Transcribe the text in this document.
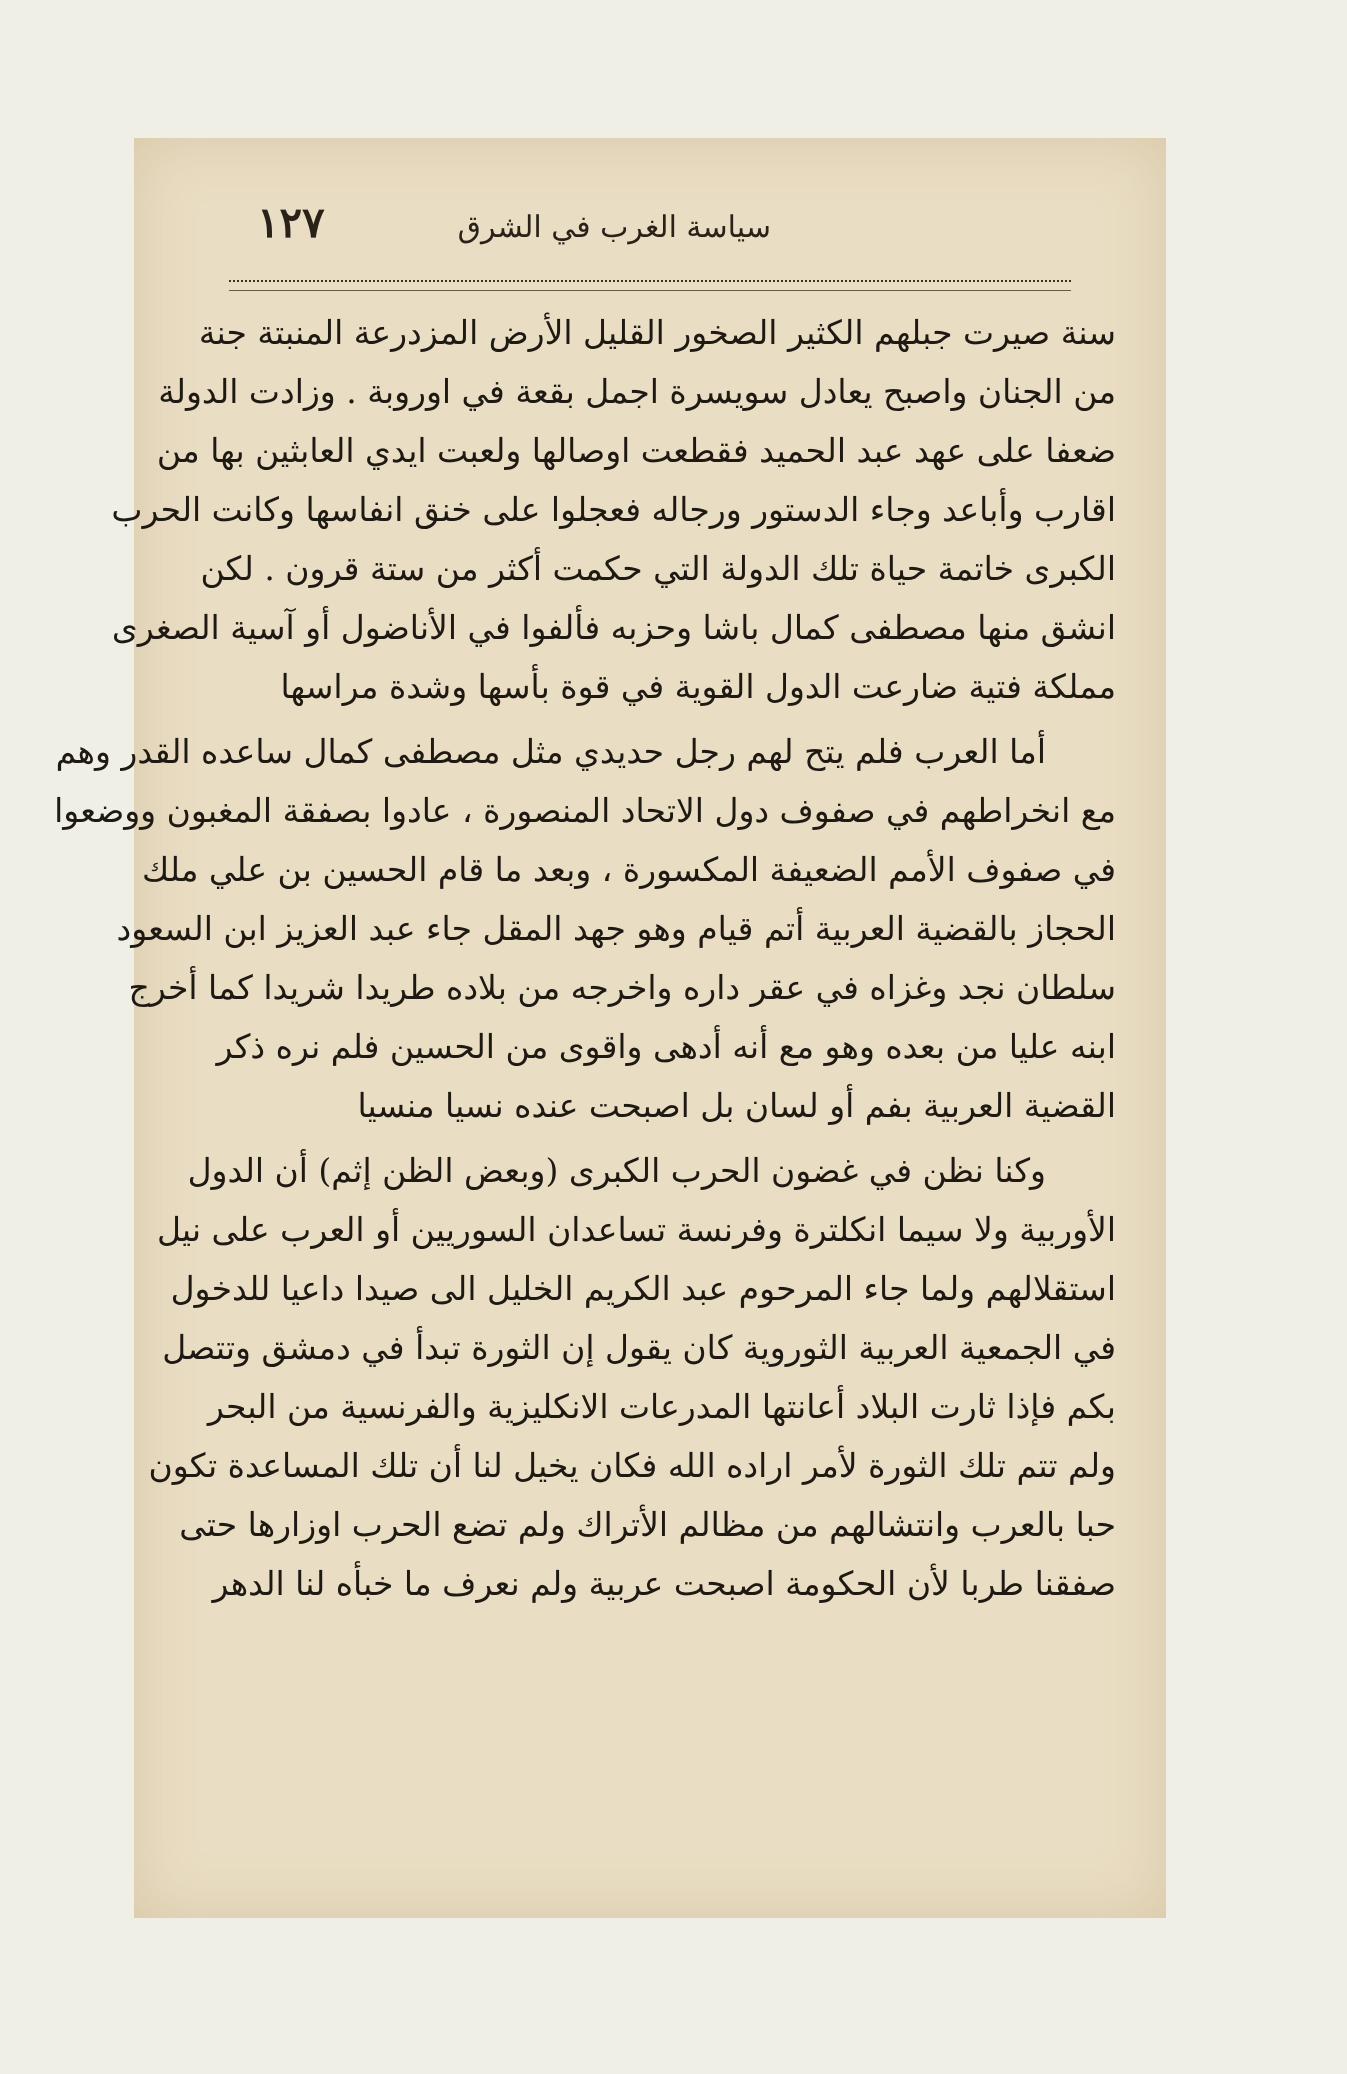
سياسة الغرب في الشرق
١٢٧
سنة صيرت جبلهم الكثير الصخور القليل الأرض المزدرعة المنبتة جنة
من الجنان واصبح يعادل سويسرة اجمل بقعة في اوروبة . وزادت الدولة
ضعفا على عهد عبد الحميد فقطعت اوصالها ولعبت ايدي العابثين بها من
اقارب وأباعد وجاء الدستور ورجاله فعجلوا على خنق انفاسها وكانت الحرب
الكبرى خاتمة حياة تلك الدولة التي حكمت أكثر من ستة قرون . لكن
انشق منها مصطفى كمال باشا وحزبه فألفوا في الأناضول أو آسية الصغرى
مملكة فتية ضارعت الدول القوية في قوة بأسها وشدة مراسها
أما العرب فلم يتح لهم رجل حديدي مثل مصطفى كمال ساعده القدر وهم
مع انخراطهم في صفوف دول الاتحاد المنصورة ، عادوا بصفقة المغبون ووضعوا
في صفوف الأمم الضعيفة المكسورة ، وبعد ما قام الحسين بن علي ملك
الحجاز بالقضية العربية أتم قيام وهو جهد المقل جاء عبد العزيز ابن السعود
سلطان نجد وغزاه في عقر داره واخرجه من بلاده طريدا شريدا كما أخرج
ابنه عليا من بعده وهو مع أنه أدهى واقوى من الحسين فلم نره ذكر
القضية العربية بفم أو لسان بل اصبحت عنده نسيا منسيا
وكنا نظن في غضون الحرب الكبرى (وبعض الظن إثم) أن الدول
الأوربية ولا سيما انكلترة وفرنسة تساعدان السوريين أو العرب على نيل
استقلالهم ولما جاء المرحوم عبد الكريم الخليل الى صيدا داعيا للدخول
في الجمعية العربية الثوروية كان يقول إن الثورة تبدأ في دمشق وتتصل
بكم فإذا ثارت البلاد أعانتها المدرعات الانكليزية والفرنسية من البحر
ولم تتم تلك الثورة لأمر اراده الله فكان يخيل لنا أن تلك المساعدة تكون
حبا بالعرب وانتشالهم من مظالم الأتراك ولم تضع الحرب اوزارها حتى
صفقنا طربا لأن الحكومة اصبحت عربية ولم نعرف ما خبأه لنا الدهر
